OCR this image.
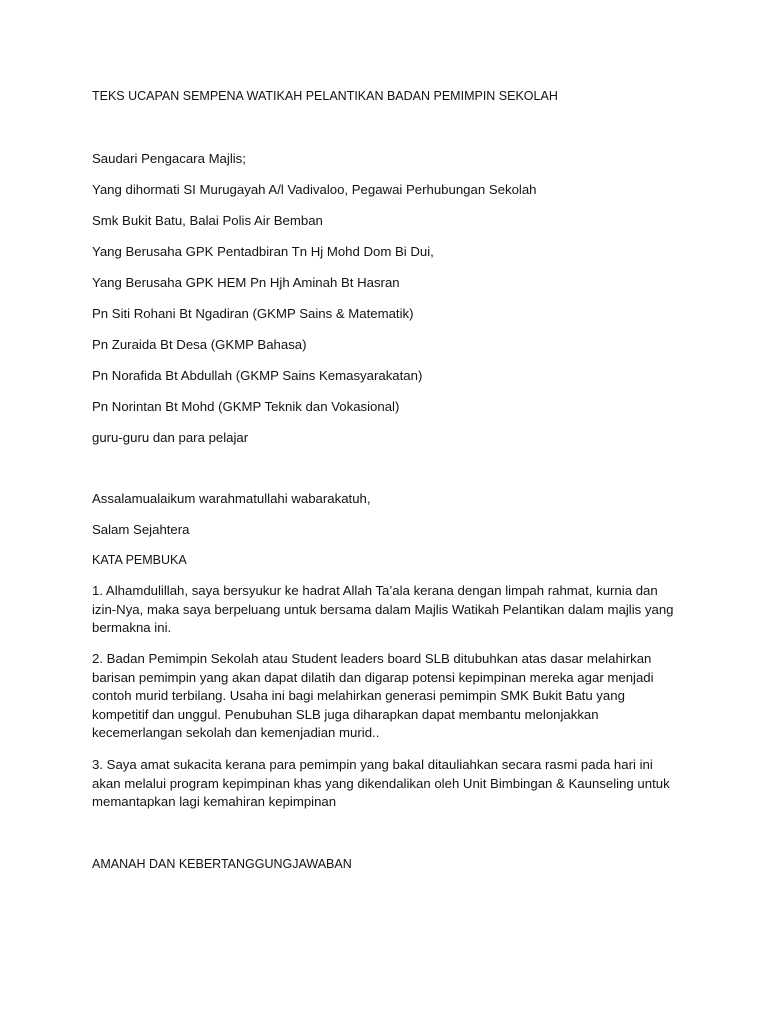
TEKS UCAPAN SEMPENA WATIKAH PELANTIKAN BADAN PEMIMPIN SEKOLAH
Saudari Pengacara Majlis;
Yang dihormati SI Murugayah A/l Vadivaloo, Pegawai Perhubungan Sekolah
Smk Bukit Batu, Balai Polis Air Bemban
Yang Berusaha GPK Pentadbiran Tn Hj Mohd Dom Bi Dui,
Yang Berusaha GPK HEM Pn Hjh Aminah Bt Hasran
Pn Siti Rohani Bt Ngadiran (GKMP Sains & Matematik)
Pn Zuraida Bt Desa (GKMP Bahasa)
Pn Norafida Bt Abdullah (GKMP Sains Kemasyarakatan)
Pn Norintan Bt Mohd (GKMP Teknik dan Vokasional)
guru-guru dan para pelajar
Assalamualaikum warahmatullahi wabarakatuh,
Salam Sejahtera
KATA PEMBUKA
1. Alhamdulillah, saya bersyukur ke hadrat Allah Ta’ala kerana dengan limpah rahmat, kurnia dan izin-Nya, maka saya berpeluang untuk bersama dalam Majlis Watikah Pelantikan dalam majlis yang bermakna ini.
2. Badan Pemimpin Sekolah atau Student leaders board SLB ditubuhkan atas dasar melahirkan barisan pemimpin yang akan dapat dilatih dan digarap potensi kepimpinan mereka agar menjadi contoh murid terbilang. Usaha ini bagi melahirkan generasi pemimpin SMK Bukit Batu yang kompetitif dan unggul. Penubuhan SLB juga diharapkan dapat membantu melonjakkan kecemerlangan sekolah dan kemenjadian murid..
3. Saya amat sukacita kerana para pemimpin yang bakal ditauliahkan secara rasmi pada hari ini akan melalui program kepimpinan khas yang dikendalikan oleh Unit Bimbingan & Kaunseling untuk memantapkan lagi kemahiran kepimpinan
AMANAH DAN KEBERTANGGUNGJAWABAN
